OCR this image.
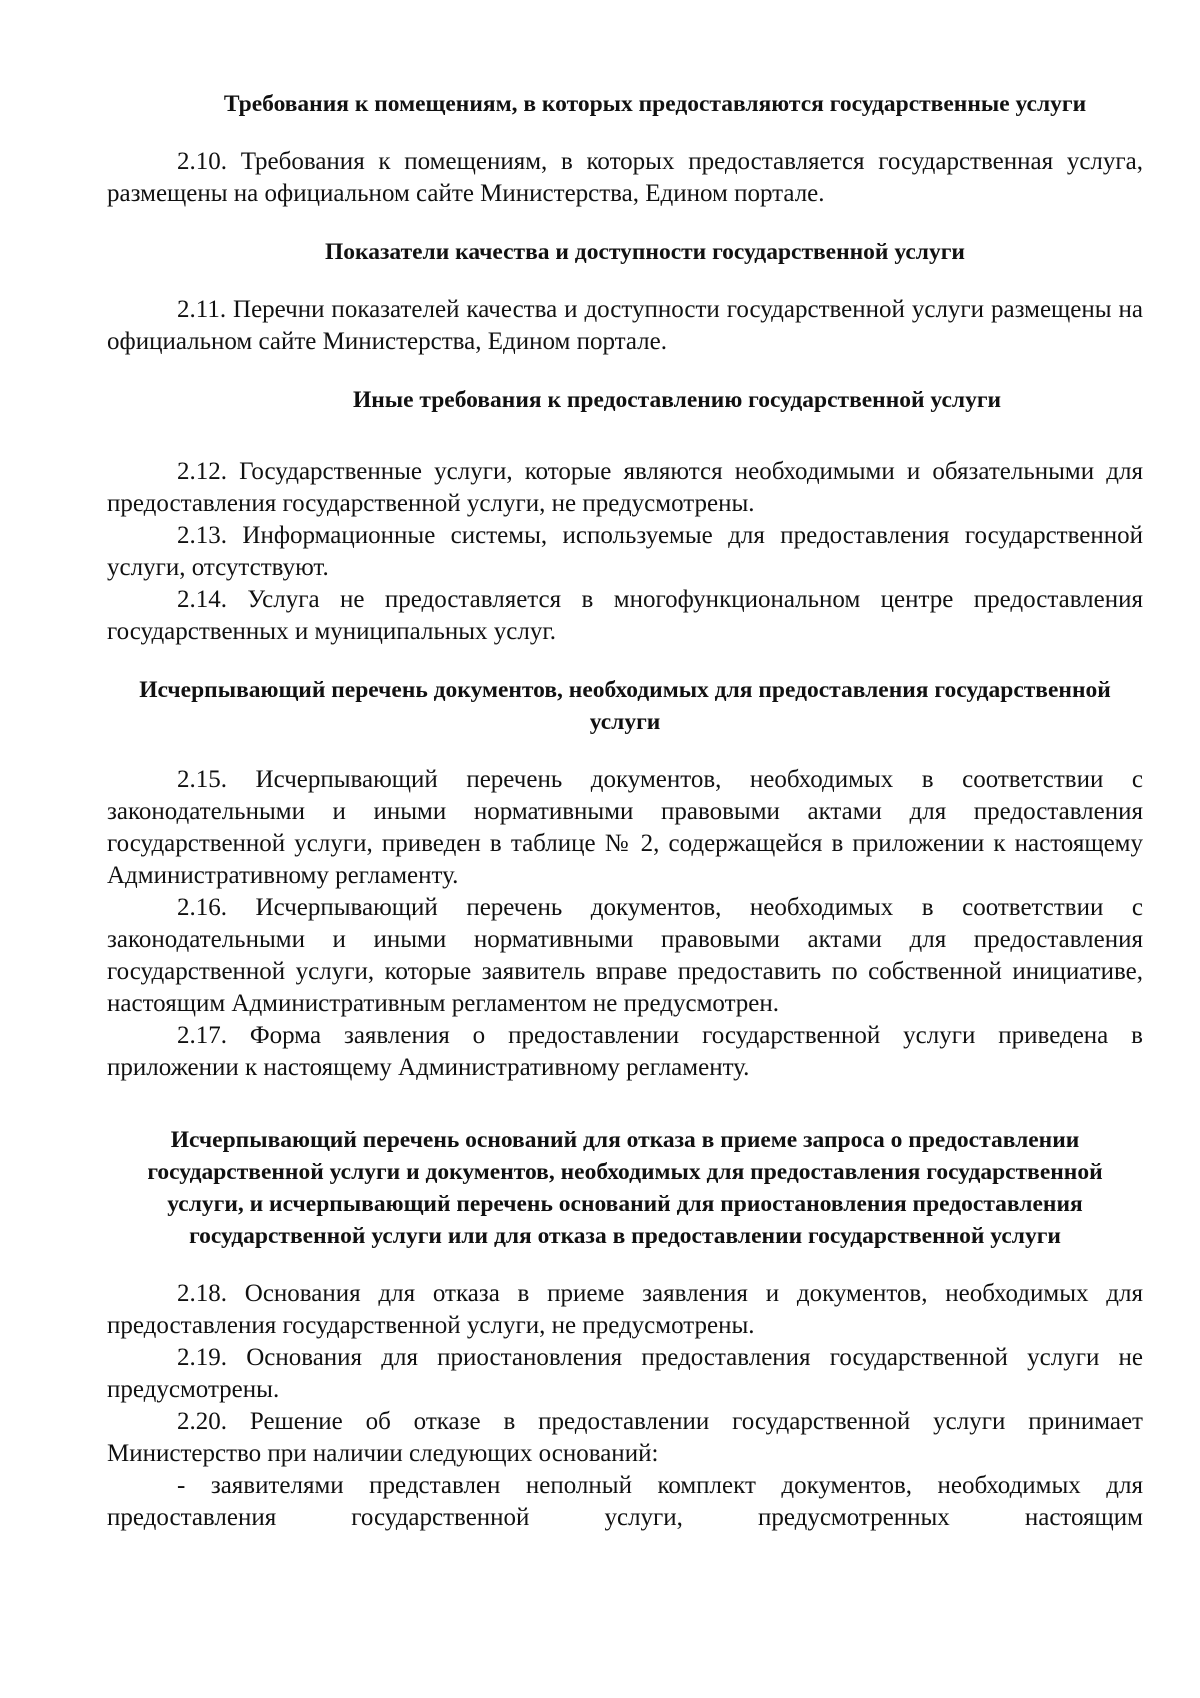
Требования к помещениям, в которых предоставляются государственные услуги

2.10. Требования к помещениям, в которых предоставляется государственная услуга, размещены на официальном сайте Министерства, Едином портале.

Показатели качества и доступности государственной услуги

2.11. Перечни показателей качества и доступности государственной услуги размещены на официальном сайте Министерства, Едином портале.

Иные требования к предоставлению государственной услуги

2.12. Государственные услуги, которые являются необходимыми и обязательными для предоставления государственной услуги, не предусмотрены.

2.13. Информационные системы, используемые для предоставления государственной услуги, отсутствуют.

2.14. Услуга не предоставляется в многофункциональном центре предоставления государственных и муниципальных услуг.

Исчерпывающий перечень документов, необходимых для предоставления государственной услуги

2.15. Исчерпывающий перечень документов, необходимых в соответствии с законодательными и иными нормативными правовыми актами для предоставления государственной услуги, приведен в таблице № 2, содержащейся в приложении к настоящему Административному регламенту.

2.16. Исчерпывающий перечень документов, необходимых в соответствии с законодательными и иными нормативными правовыми актами для предоставления государственной услуги, которые заявитель вправе предоставить по собственной инициативе, настоящим Административным регламентом не предусмотрен.

2.17. Форма заявления о предоставлении государственной услуги приведена в приложении к настоящему Административному регламенту.

Исчерпывающий перечень оснований для отказа в приеме запроса о предоставлении государственной услуги и документов, необходимых для предоставления государственной услуги, и исчерпывающий перечень оснований для приостановления предоставления государственной услуги или для отказа в предоставлении государственной услуги

2.18. Основания для отказа в приеме заявления и документов, необходимых для предоставления государственной услуги, не предусмотрены.

2.19. Основания для приостановления предоставления государственной услуги не предусмотрены.

2.20. Решение об отказе в предоставлении государственной услуги принимает Министерство при наличии следующих оснований:

- заявителями представлен неполный комплект документов, необходимых для предоставления государственной услуги, предусмотренных настоящим
